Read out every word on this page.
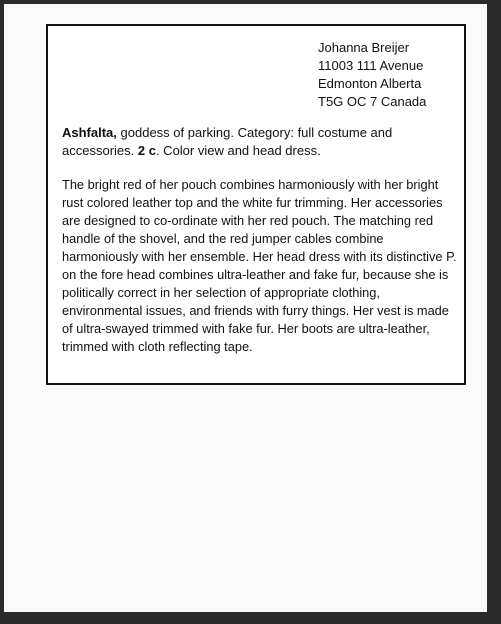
Johanna Breijer
11003 111 Avenue
Edmonton Alberta
T5G OC 7 Canada
Ashfalta, goddess of parking. Category: full costume and accessories. 2 c. Color view and head dress.
The bright red of her pouch combines harmoniously with her bright rust colored leather top and the white fur trimming. Her accessories are designed to co-ordinate with her red pouch. The matching red handle of the shovel, and the red jumper cables combine harmoniously with her ensemble. Her head dress with its distinctive P. on the fore head combines ultra-leather and fake fur, because she is politically correct in her selection of appropriate clothing, environmental issues, and friends with furry things. Her vest is made of ultra-swayed trimmed with fake fur. Her boots are ultra-leather, trimmed with cloth reflecting tape.
